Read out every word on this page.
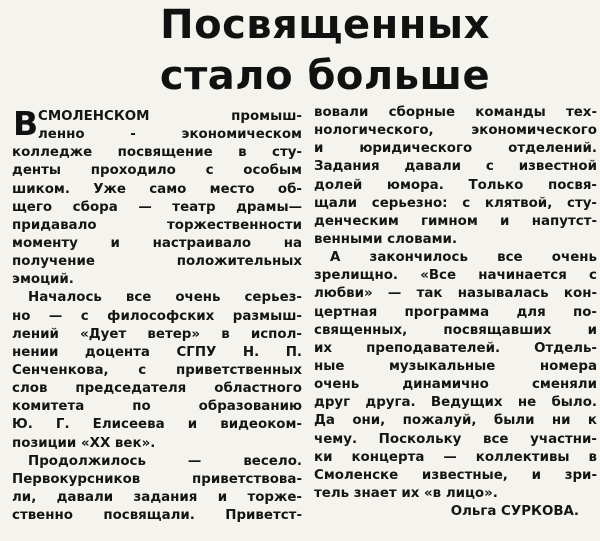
Посвященных
стало больше
В СМОЛЕНСКОМ промыш-
ленно - экономическом
колледже посвящение в сту-
денты проходило с особым
шиком. Уже само место об-
щего сбора — театр драмы—
придавало торжественности
моменту и настраивало на
получение положительных
эмоций.
Началось все очень серьез-
но — с философских размыш-
лений «Дует ветер» в испол-
нении доцента СГПУ Н. П.
Сенченкова, с приветственных
слов председателя областного
комитета по образованию
Ю. Г. Елисеева и видеоком-
позиции «XX век».
Продолжилось — весело.
Первокурсников приветствова-
ли, давали задания и торже-
ственно посвящали. Приветст-
вовали сборные команды тех-
нологического, экономического
и юридического отделений.
Задания давали с известной
долей юмора. Только посвя-
щали серьезно: с клятвой, сту-
денческим гимном и напутст-
венными словами.
А закончилось все очень
зрелищно. «Все начинается с
любви» — так называлась кон-
цертная программа для по-
священных, посвящавших и
их преподавателей. Отдель-
ные музыкальные номера
очень динамично сменяли
друг друга. Ведущих не было.
Да они, пожалуй, были ни к
чему. Поскольку все участни-
ки концерта — коллективы в
Смоленске известные, и зри-
тель знает их «в лицо».
Ольга СУРКОВА.
